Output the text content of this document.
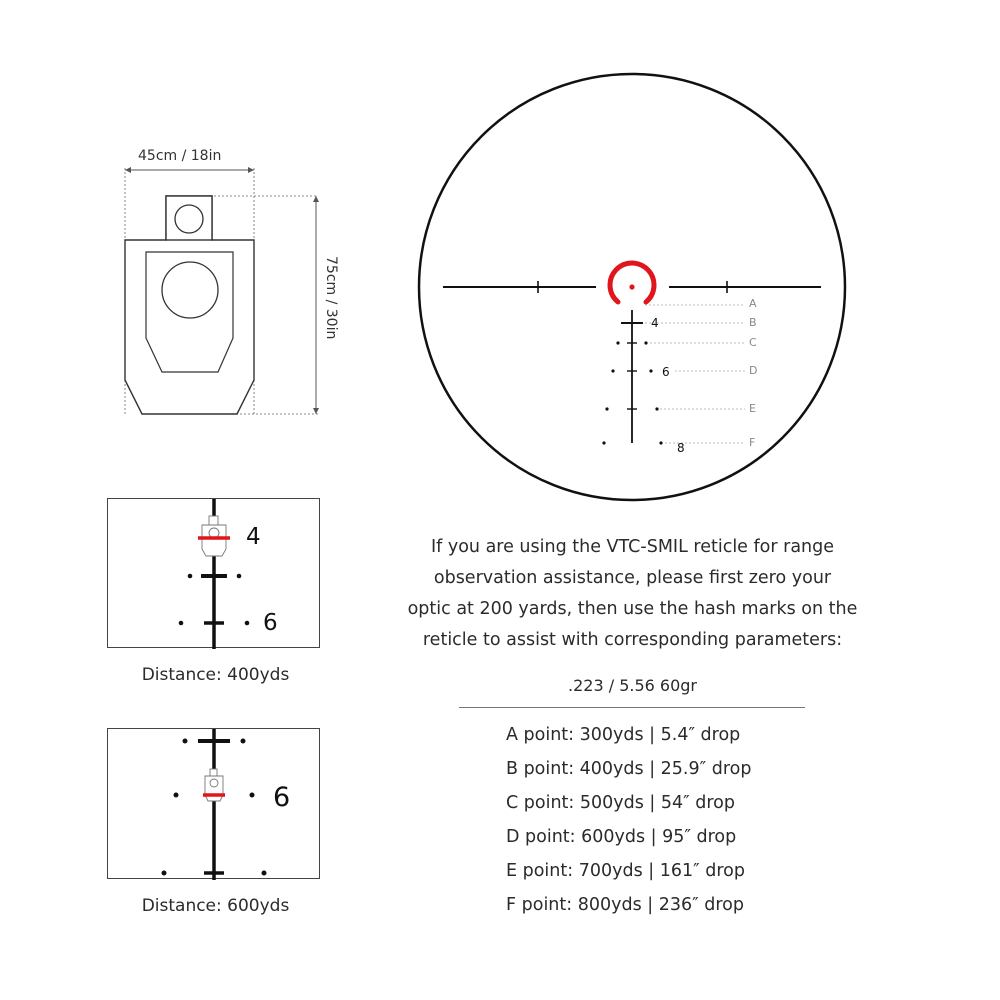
45cm / 18in
75cm / 30in	A
B
C
D
E
F
4
6
8
4
6
Distance: 400yds
6
Distance: 600yds
If you are using the VTC-SMIL reticle for range
observation assistance, please first zero your
optic at 200 yards, then use the hash marks on the
reticle to assist with corresponding parameters:
.223 / 5.56 60gr
A point: 300yds | 5.4″ drop
B point: 400yds | 25.9″ drop
C point: 500yds | 54″ drop
D point: 600yds | 95″ drop
E point: 700yds | 161″ drop
F point: 800yds | 236″ drop
